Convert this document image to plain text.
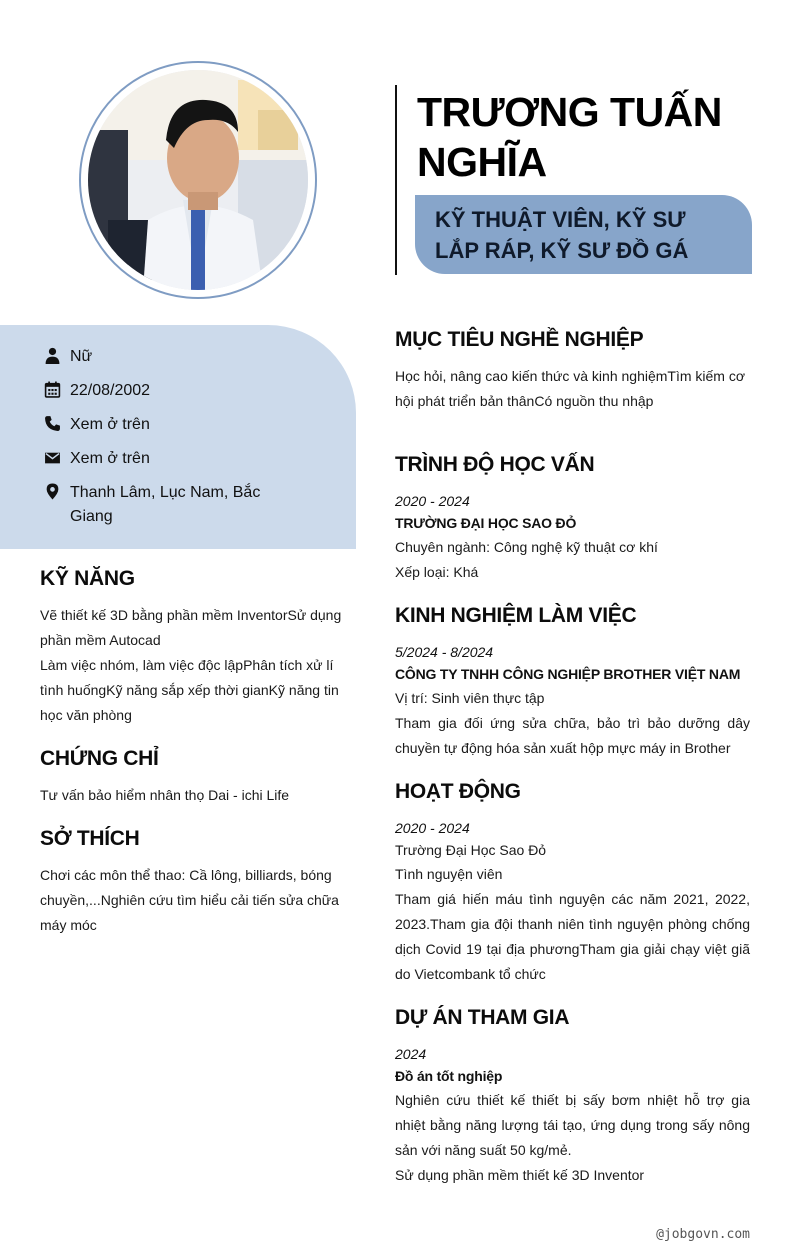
TRƯƠNG TUẤN NGHĨA
KỸ THUẬT VIÊN, KỸ SƯ LẮP RÁP, KỸ SƯ ĐỒ GÁ
Nữ
22/08/2002
Xem ở trên
Xem ở trên
Thanh Lâm, Lục Nam, Bắc Giang
KỸ NĂNG
Vẽ thiết kế 3D bằng phần mềm InventorSử dụng phần mềm Autocad
Làm việc nhóm, làm việc độc lậpPhân tích xử lí tình huốngKỹ năng sắp xếp thời gianKỹ năng tin học văn phòng
CHỨNG CHỈ
Tư vấn bảo hiểm nhân thọ Dai - ichi Life
SỞ THÍCH
Chơi các môn thể thao: Cầ lông, billiards, bóng chuyền,...Nghiên cứu tìm hiểu cải tiến sửa chữa máy móc
MỤC TIÊU NGHỀ NGHIỆP
Học hỏi, nâng cao kiến thức và kinh nghiệmTìm kiếm cơ hội phát triển bản thânCó nguồn thu nhập
TRÌNH ĐỘ HỌC VẤN
2020 - 2024
TRƯỜNG ĐẠI HỌC SAO ĐỎ
Chuyên ngành: Công nghệ kỹ thuật cơ khí
Xếp loại: Khá
KINH NGHIỆM LÀM VIỆC
5/2024 - 8/2024
CÔNG TY TNHH CÔNG NGHIỆP BROTHER VIỆT NAM
Vị trí: Sinh viên thực tập
Tham gia đối ứng sửa chữa, bảo trì bảo dưỡng dây chuyền tự động hóa sản xuất hộp mực máy in Brother
HOẠT ĐỘNG
2020 - 2024
Trường Đại Học Sao Đỏ
Tình nguyện viên
Tham giá hiến máu tình nguyện các năm 2021, 2022, 2023.Tham gia đội thanh niên tình nguyện phòng chống dịch Covid 19 tại địa phươngTham gia giải chạy việt giã do Vietcombank tổ chức
DỰ ÁN THAM GIA
2024
Đồ án tốt nghiệp
Nghiên cứu thiết kế thiết bị sấy bơm nhiệt hỗ trợ gia nhiệt bằng năng lượng tái tạo, ứng dụng trong sấy nông sản với năng suất 50 kg/mẻ.
Sử dụng phần mềm thiết kế 3D Inventor
@jobgovn.com
